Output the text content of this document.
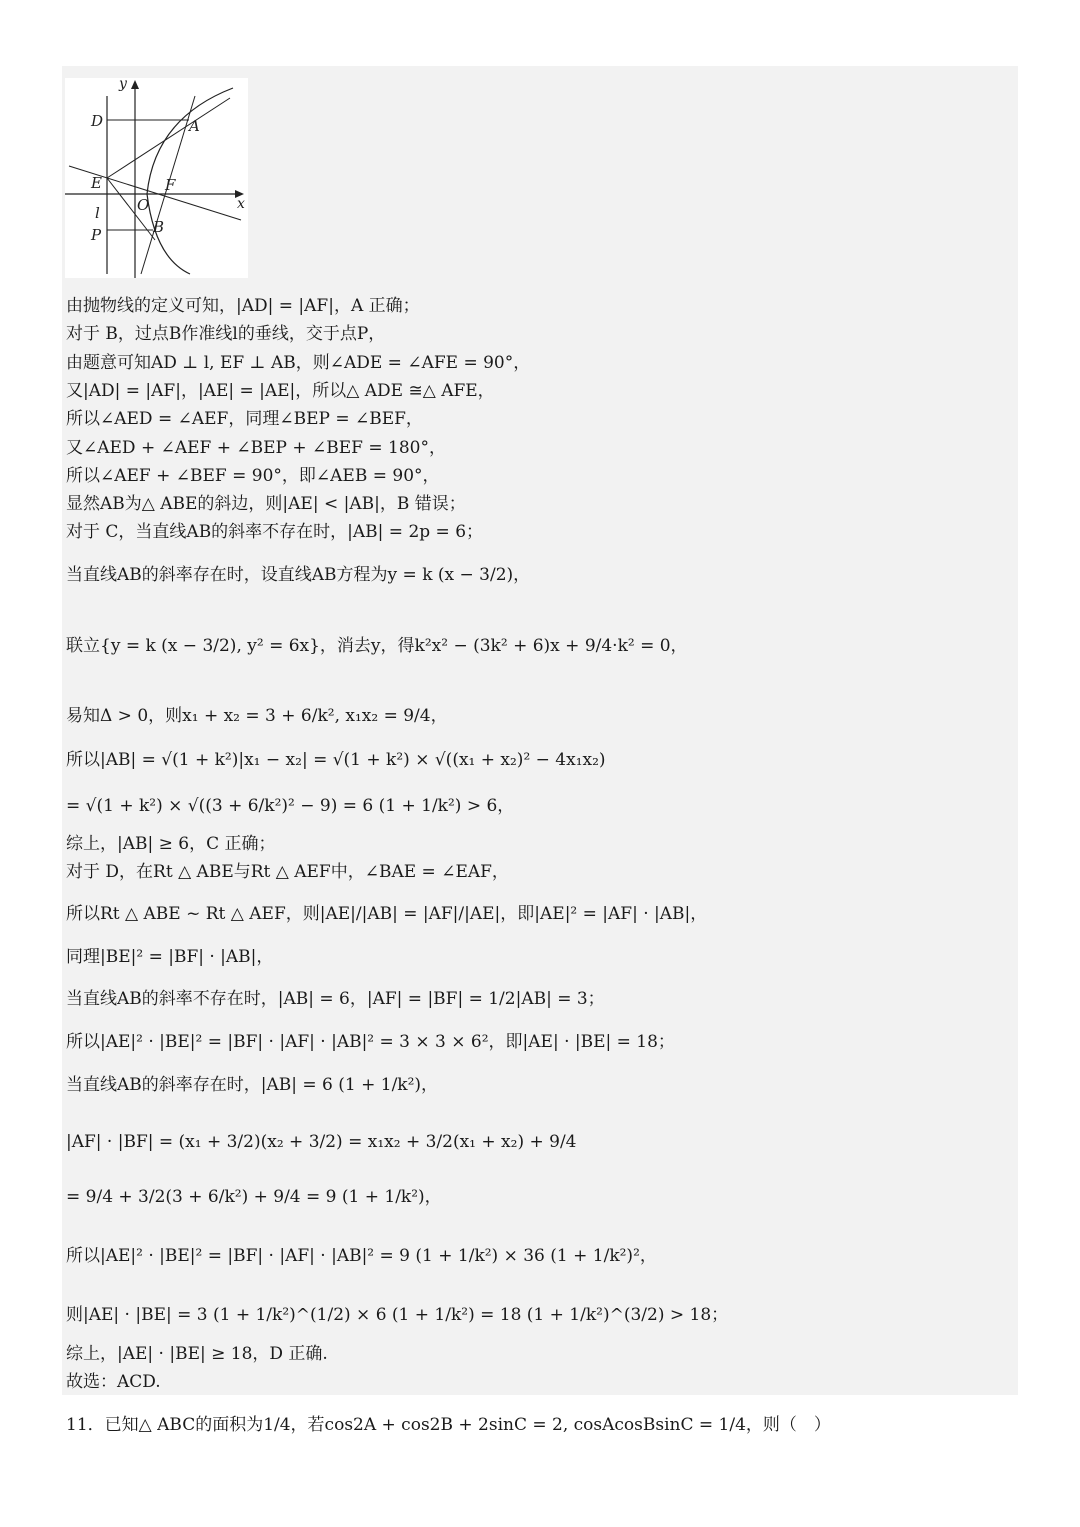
y
x
D	A
E	F
O
l
P	B
由抛物线的定义可知，|AD| = |AF|，A 正确；
对于 B，过点B作准线l的垂线，交于点P，
由题意可知AD ⊥ l, EF ⊥ AB，则∠ADE = ∠AFE = 90°，
又|AD| = |AF|，|AE| = |AE|，所以△ ADE ≅△ AFE，
所以∠AED = ∠AEF，同理∠BEP = ∠BEF，
又∠AED + ∠AEF + ∠BEP + ∠BEF = 180°，
所以∠AEF + ∠BEF = 90°，即∠AEB = 90°，
显然AB为△ ABE的斜边，则|AE| < |AB|，B 错误；
对于 C，当直线AB的斜率不存在时，|AB| = 2p = 6；
当直线AB的斜率存在时，设直线AB方程为y = k (x − 3/2)，
联立{y = k (x − 3/2), y² = 6x}，消去y，得k²x² − (3k² + 6)x + 9/4·k² = 0，
易知Δ > 0，则x₁ + x₂ = 3 + 6/k², x₁x₂ = 9/4，
所以|AB| = √(1 + k²)|x₁ − x₂| = √(1 + k²) × √((x₁ + x₂)² − 4x₁x₂)
= √(1 + k²) × √((3 + 6/k²)² − 9) = 6 (1 + 1/k²) > 6，
综上，|AB| ≥ 6，C 正确；
对于 D，在Rt △ ABE与Rt △ AEF中，∠BAE = ∠EAF，
所以Rt △ ABE ~ Rt △ AEF，则|AE|/|AB| = |AF|/|AE|，即|AE|² = |AF| · |AB|，
同理|BE|² = |BF| · |AB|，
当直线AB的斜率不存在时，|AB| = 6，|AF| = |BF| = 1/2|AB| = 3；
所以|AE|² · |BE|² = |BF| · |AF| · |AB|² = 3 × 3 × 6²，即|AE| · |BE| = 18；
当直线AB的斜率存在时，|AB| = 6 (1 + 1/k²)，
|AF| · |BF| = (x₁ + 3/2)(x₂ + 3/2) = x₁x₂ + 3/2(x₁ + x₂) + 9/4
= 9/4 + 3/2(3 + 6/k²) + 9/4 = 9 (1 + 1/k²)，
所以|AE|² · |BE|² = |BF| · |AF| · |AB|² = 9 (1 + 1/k²) × 36 (1 + 1/k²)²，
则|AE| · |BE| = 3 (1 + 1/k²)^(1/2) × 6 (1 + 1/k²) = 18 (1 + 1/k²)^(3/2) > 18；
综上，|AE| · |BE| ≥ 18，D 正确.
故选：ACD.
11．已知△ ABC的面积为1/4，若cos2A + cos2B + 2sinC = 2, cosAcosBsinC = 1/4，则（　）
